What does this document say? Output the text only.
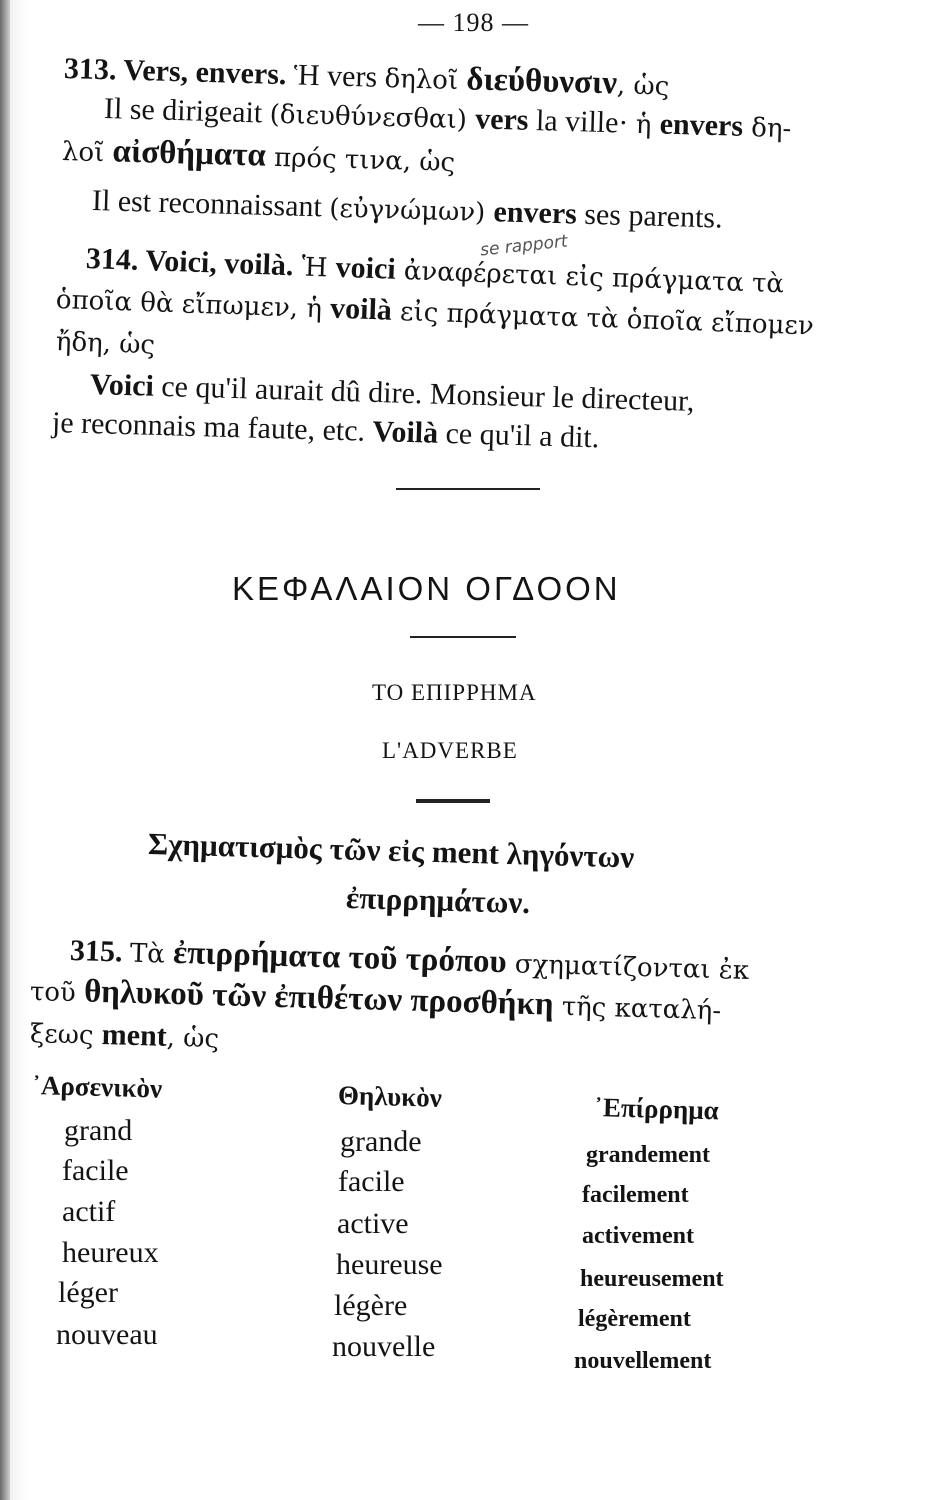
— 198 —
313. Vers, envers. Ἡ vers δηλοῖ διεύθυνσιν, ὡς
Il se dirigeait (διευθύνεσθαι) vers la ville· ἡ envers δη-
λοῖ αἰσθήματα πρός τινα, ὡς
Il est reconnaissant (εὐγνώμων) envers ses parents.
se rapport
314. Voici, voilà. Ἡ voici ἀναφέρεται εἰς πράγματα τὰ
ὁποῖα θὰ εἴπωμεν, ἡ voilà εἰς πράγματα τὰ ὁποῖα εἴπομεν
ἤδη, ὡς
Voici ce qu'il aurait dû dire. Monsieur le directeur,
je reconnais ma faute, etc. Voilà ce qu'il a dit.
ΚΕΦΑΛΑΙΟΝ ΟΓΔΟΟΝ
ΤΟ ΕΠΙΡΡΗΜΑ
L'ADVERBE
Σχηματισμὸς τῶν εἰς ment ληγόντων
ἐπιρρημάτων.
315. Τὰ ἐπιρρήματα τοῦ τρόπου σχηματίζονται ἐκ
τοῦ θηλυκοῦ τῶν ἐπιθέτων προσθήκη τῆς καταλή-
ξεως ment, ὡς
᾿Αρσενικὸν	Θηλυκὸν	᾿Επίρρημα
grand	grande	grandement
facile	facile	facilement
actif	active	activement
heureux	heureuse	heureusement
léger	légère	légèrement
nouveau	nouvelle	nouvellement
